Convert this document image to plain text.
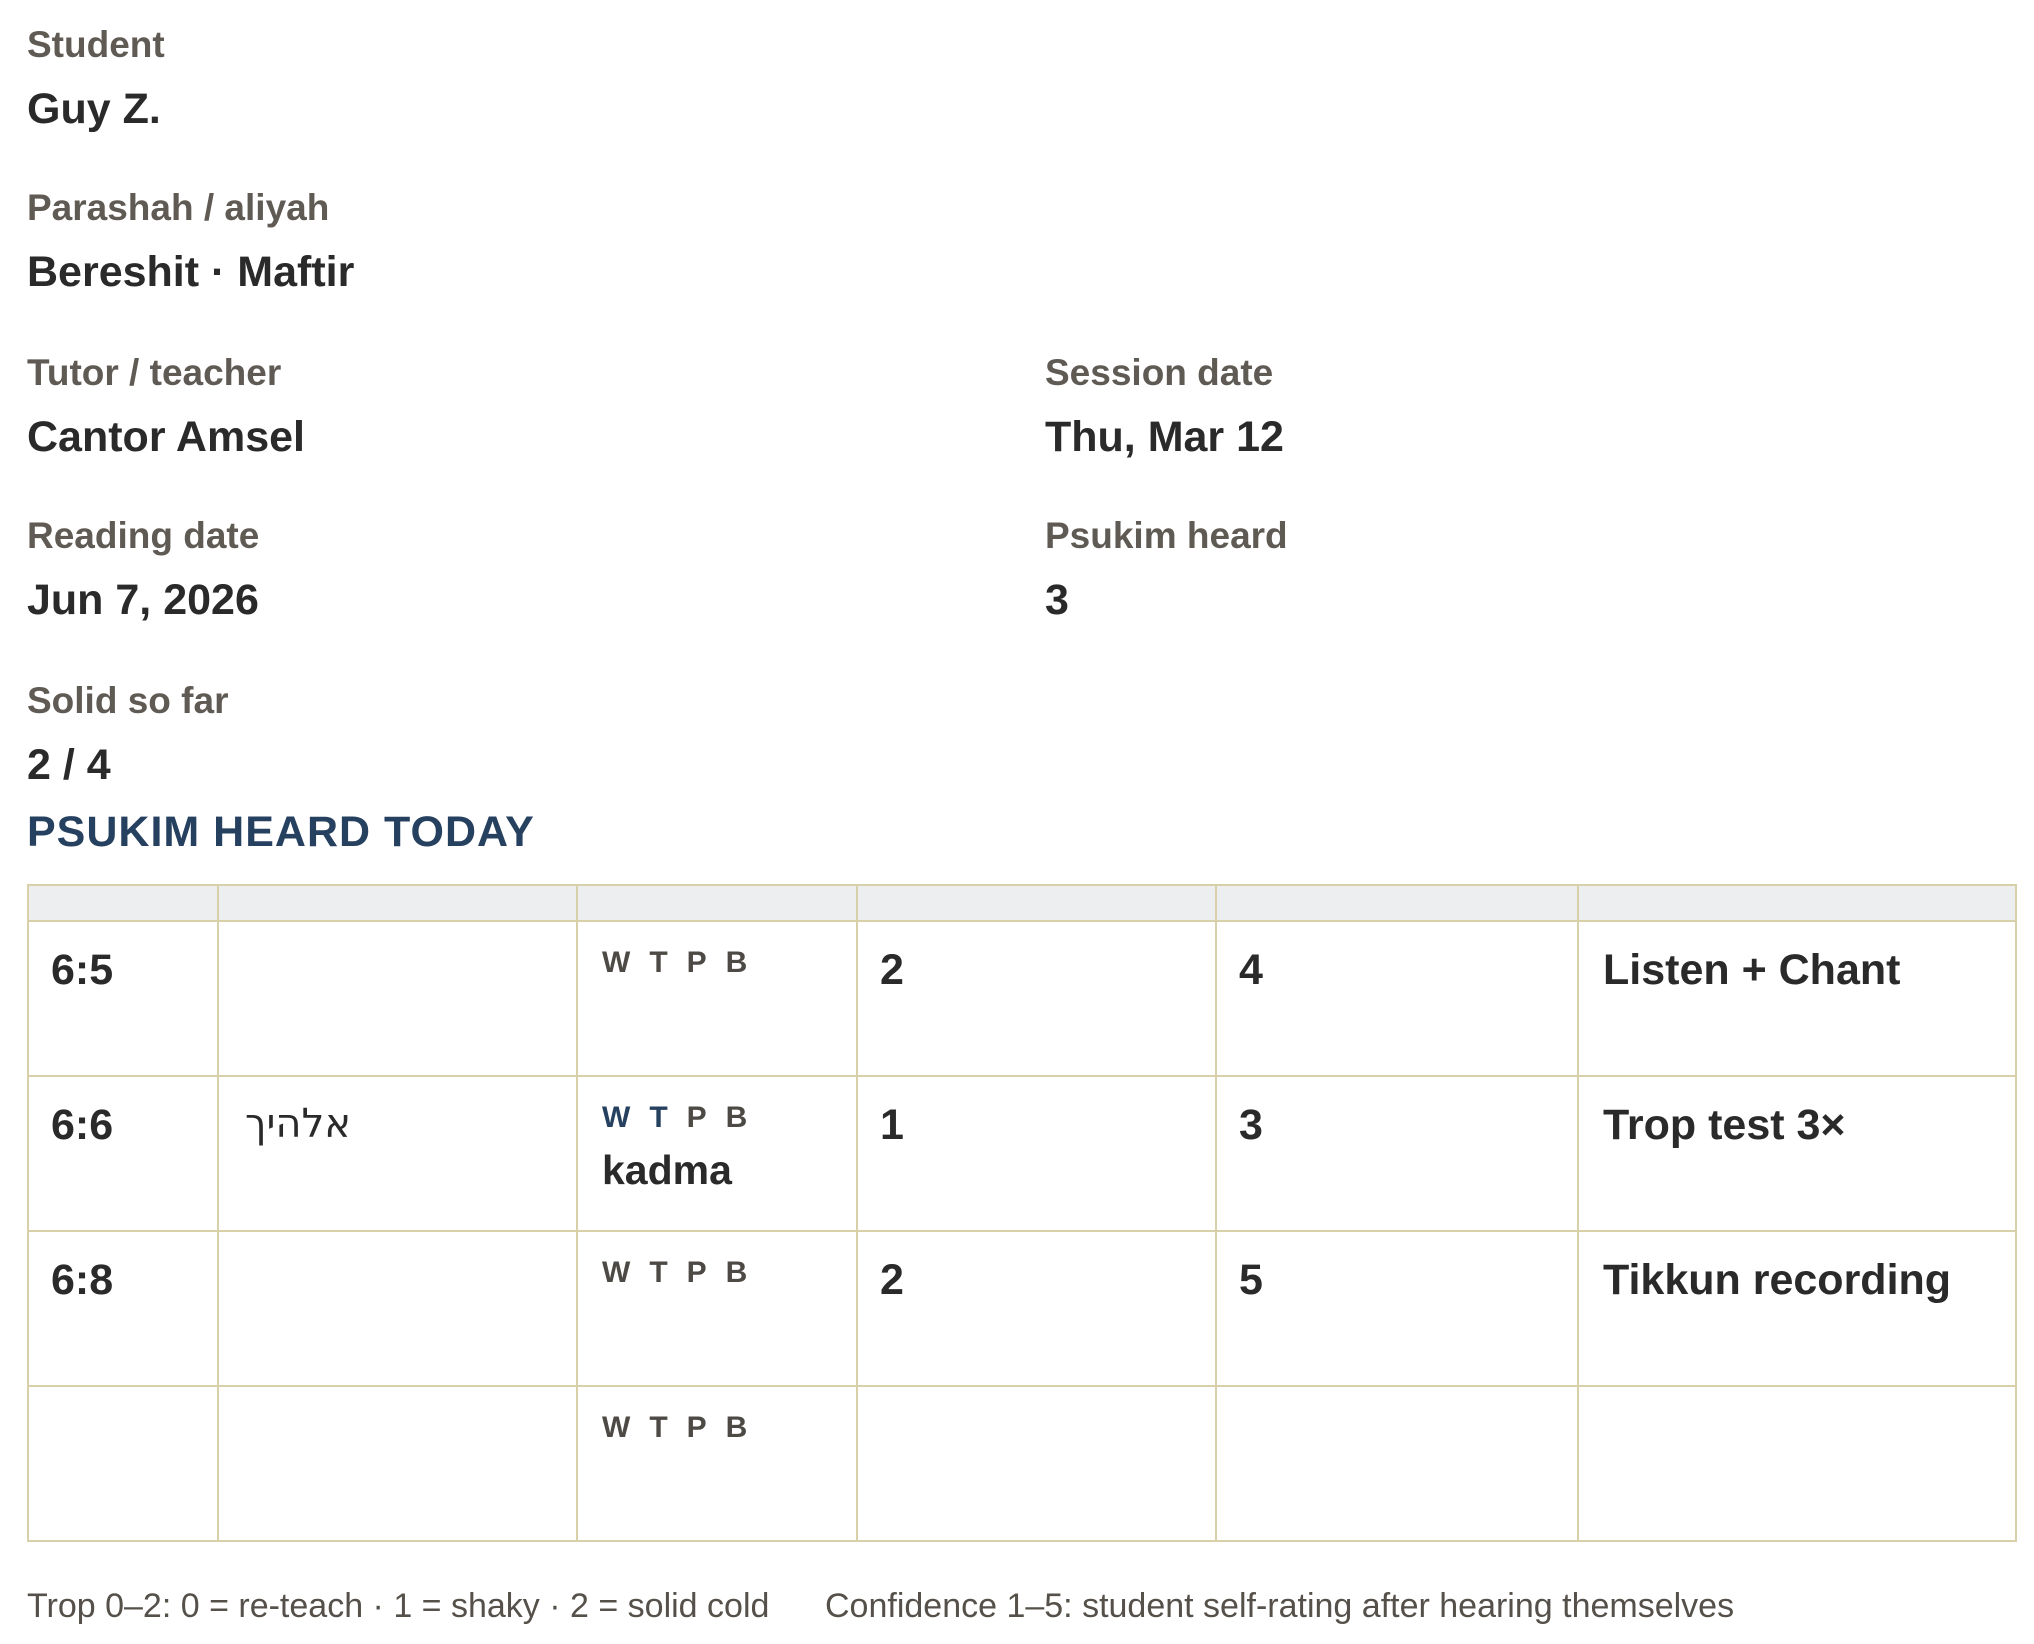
Student
Guy Z.
Parashah / aliyah
Bereshit · Maftir
Tutor / teacher
Cantor Amsel
Session date
Thu, Mar 12
Reading date
Jun 7, 2026
Psukim heard
3
Solid so far
2 / 4
PSUKIM HEARD TODAY

6:5		W T P B	2	4	Listen + Chant

6:6	אלהיך	W T P B
kadma	1	3	Trop test 3×

6:8		W T P B	2	5	Tikkun recording

		W T P B			

Trop 0–2: 0 = re-teach · 1 = shaky · 2 = solid cold Confidence 1–5: student self-rating after hearing themselves
